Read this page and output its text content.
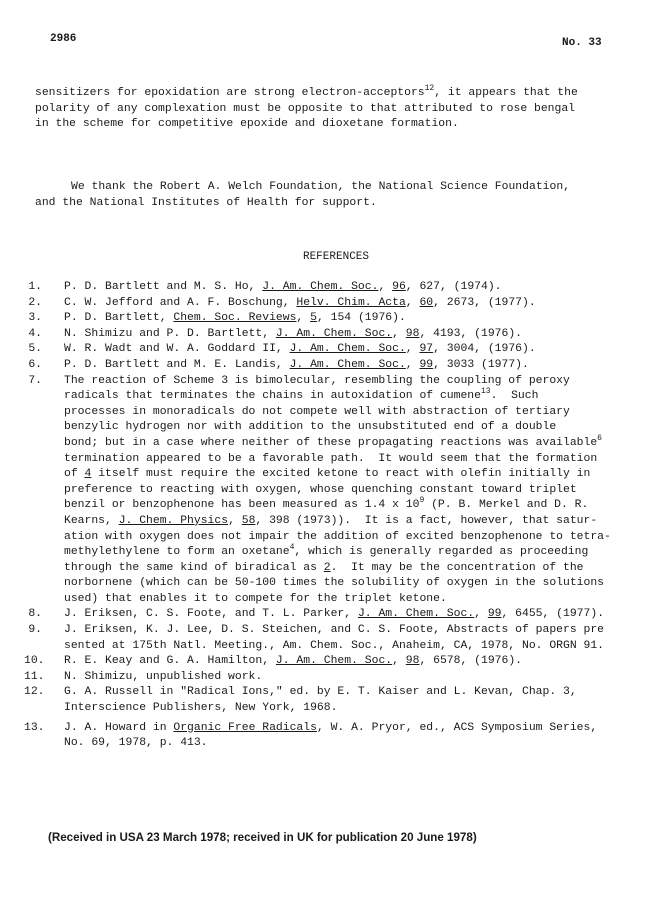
2986	No. 33
sensitizers for epoxidation are strong electron-acceptors$^{12}$, it appears that the
polarity of any complexation must be opposite to that attributed to rose bengal
in the scheme for competitive epoxide and dioxetane formation.
We thank the Robert A. Welch Foundation, the National Science Foundation,
and the National Institutes of Health for support.
REFERENCES
1. P. D. Bartlett and M. S. Ho, J. Am. Chem. Soc., 96, 627, (1974).
2. C. W. Jefford and A. F. Boschung, Helv. Chim. Acta, 60, 2673, (1977).
3. P. D. Bartlett, Chem. Soc. Reviews, 5, 154 (1976).
4. N. Shimizu and P. D. Bartlett, J. Am. Chem. Soc., 98, 4193, (1976).
5. W. R. Wadt and W. A. Goddard II, J. Am. Chem. Soc., 97, 3004, (1976).
6. P. D. Bartlett and M. E. Landis, J. Am. Chem. Soc., 99, 3033 (1977).
7. The reaction of Scheme 3 is bimolecular, resembling the coupling of peroxy
radicals that terminates the chains in autoxidation of cumene$^{13}$.  Such
processes in monoradicals do not compete well with abstraction of tertiary
benzylic hydrogen nor with addition to the unsubstituted end of a double
bond; but in a case where neither of these propagating reactions was available$^6$
termination appeared to be a favorable path.  It would seem that the formation
of 4 itself must require the excited ketone to react with olefin initially in
preference to reacting with oxygen, whose quenching constant toward triplet
benzil or benzophenone has been measured as 1.4 x $10^9$ (P. B. Merkel and D. R.
Kearns, J. Chem. Physics, 58, 398 (1973)).  It is a fact, however, that satur-
ation with oxygen does not impair the addition of excited benzophenone to tetra-
methylethylene to form an oxetane$^4$, which is generally regarded as proceeding
through the same kind of biradical as 2.  It may be the concentration of the
norbornene (which can be 50-100 times the solubility of oxygen in the solutions
used) that enables it to compete for the triplet ketone.
8. J. Eriksen, C. S. Foote, and T. L. Parker, J. Am. Chem. Soc., 99, 6455, (1977).
9. J. Eriksen, K. J. Lee, D. S. Steichen, and C. S. Foote, Abstracts of papers pre
sented at 175th Natl. Meeting., Am. Chem. Soc., Anaheim, CA, 1978, No. ORGN 91.
10. R. E. Keay and G. A. Hamilton, J. Am. Chem. Soc., 98, 6578, (1976).
11. N. Shimizu, unpublished work.
12. G. A. Russell in "Radical Ions," ed. by E. T. Kaiser and L. Kevan, Chap. 3,
Interscience Publishers, New York, 1968.
13. J. A. Howard in Organic Free Radicals, W. A. Pryor, ed., ACS Symposium Series,
No. 69, 1978, p. 413.
(Received in USA 23 March 1978; received in UK for publication 20 June 1978)
